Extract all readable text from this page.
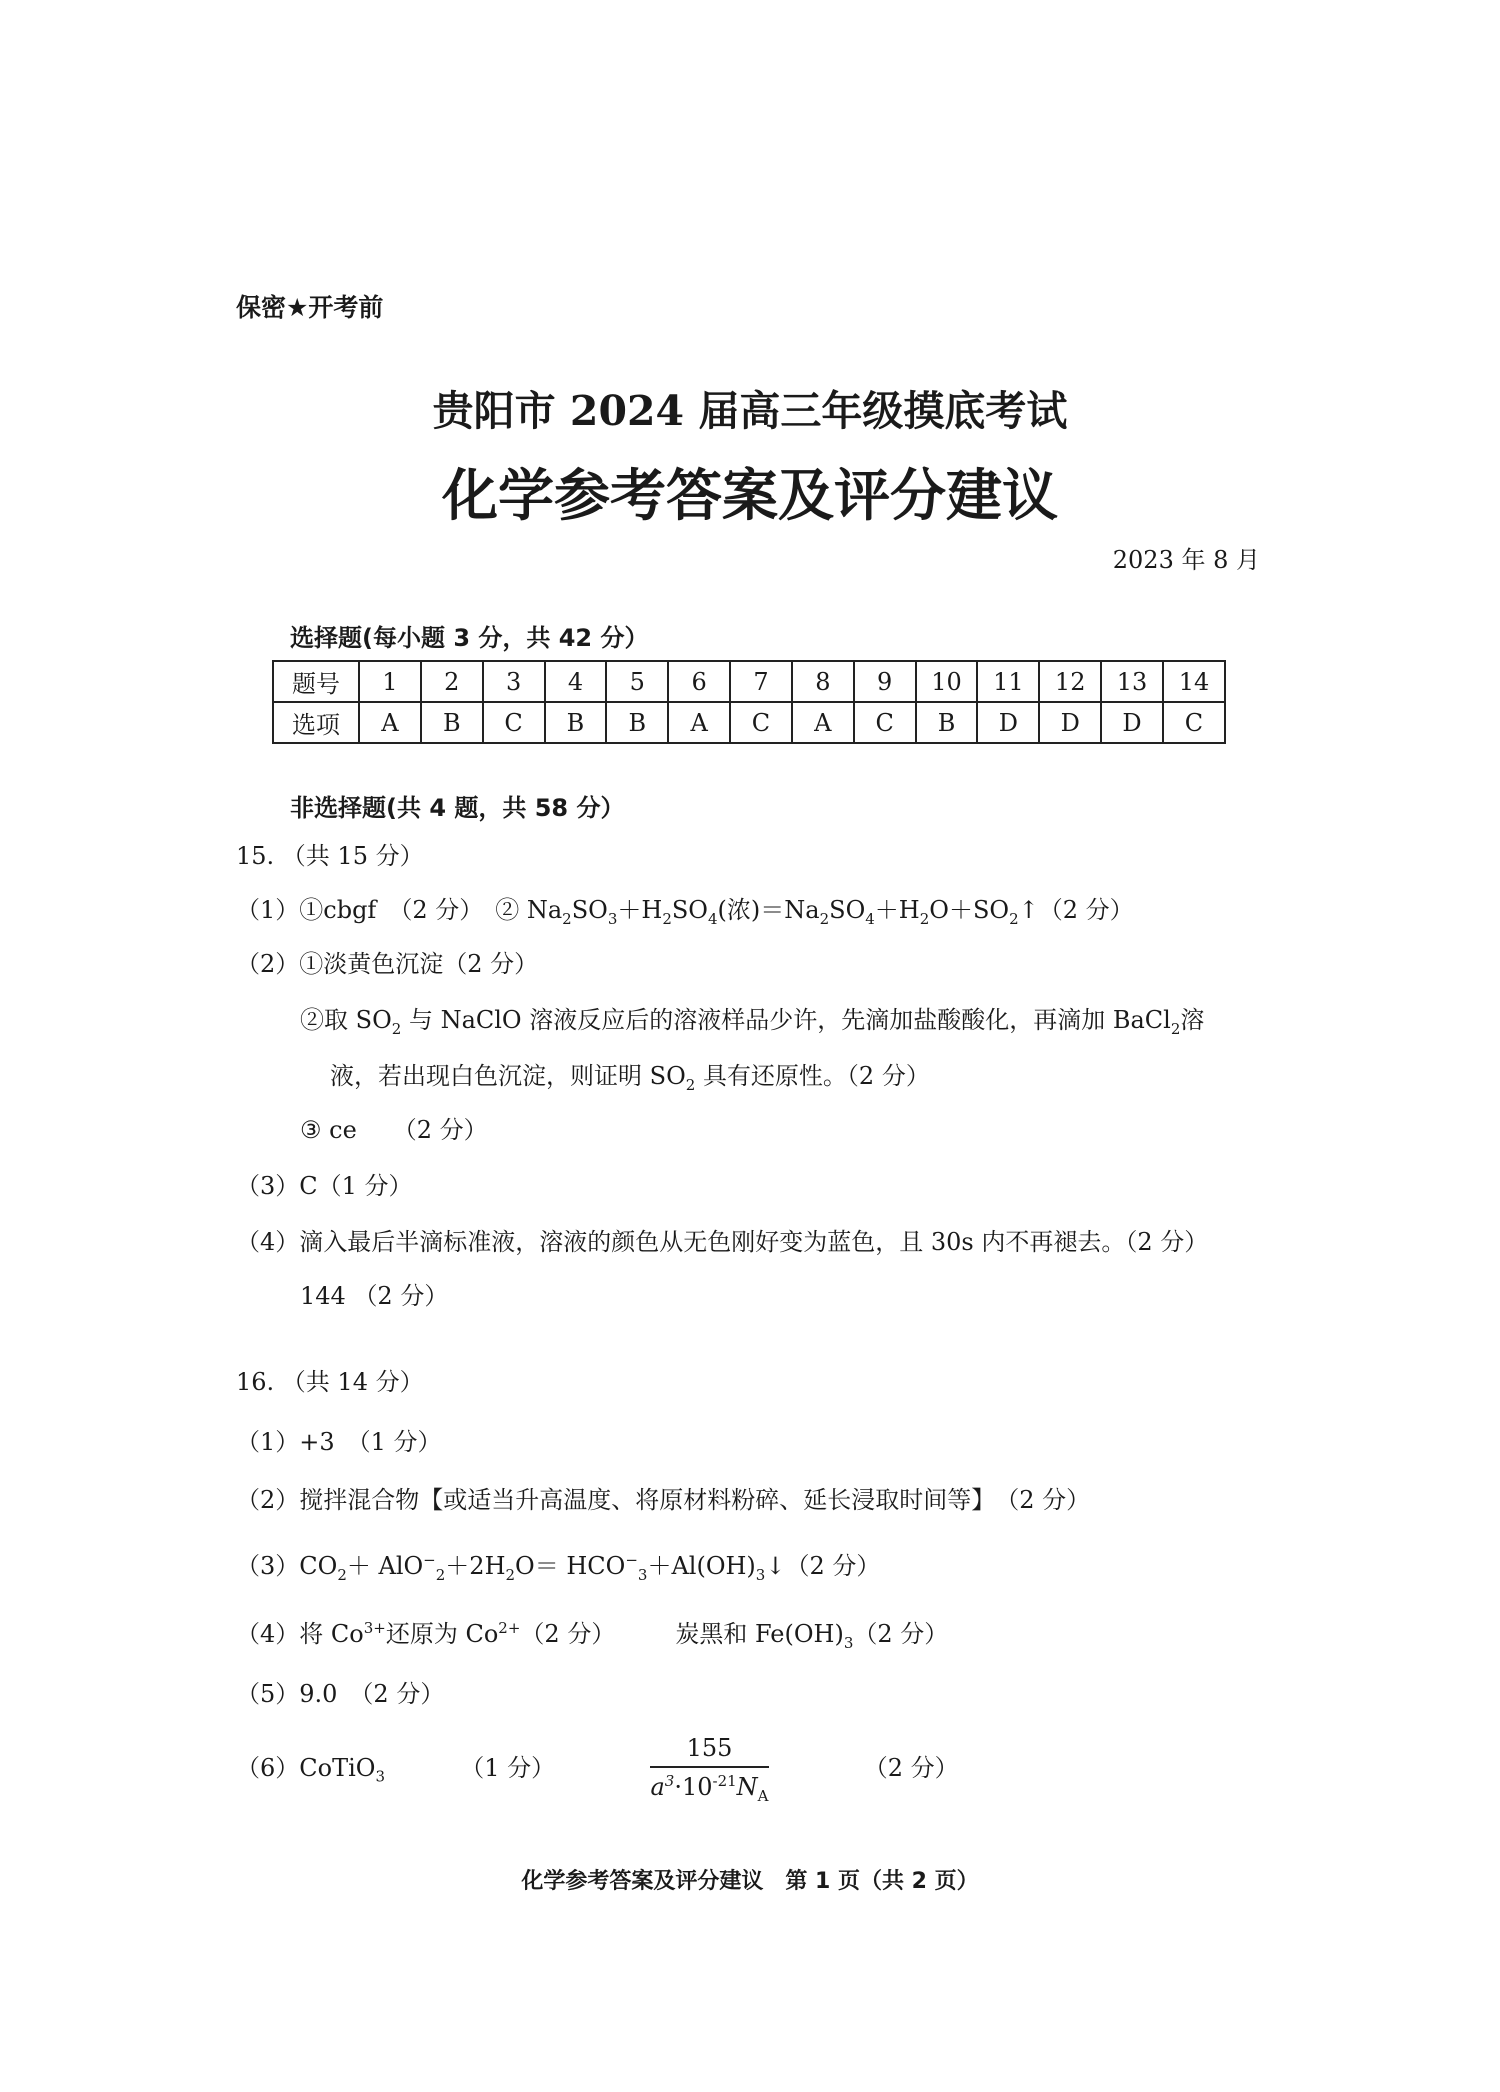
保密★开考前
贵阳市 2024 届高三年级摸底考试
化学参考答案及评分建议
2023 年 8 月
选择题(每小题 3 分，共 42 分）
题号	1	2	3	4	5	6	7	8	9	10	11	12	13	14
选项	A	B	C	B	B	A	C	A	C	B	D	D	D	C
非选择题(共 4 题，共 58 分）
15. （共 15 分）
（1）①cbgf　（2 分）　② $Na_2SO_3+H_2SO_4$(浓)$=Na_2SO_4+H_2O+SO_2↑(2$ 分）
（2）①淡黄色沉淀（2 分）
②取 $SO_2$ 与 NaClO 溶液反应后的溶液样品少许，先滴加盐酸酸化，再滴加 BaCl$_2$溶
液，若出现白色沉淀，则证明 $SO_2$ 具有还原性。（2 分）
③ ce　　（2 分）
（3）C（1 分）
（4）滴入最后半滴标准液，溶液的颜色从无色刚好变为蓝色，且 30s 内不再褪去。（2 分）
144 （2 分）
16. （共 14 分）
（1）+3　（1 分）
（2）搅拌混合物【或适当升高温度、将原材料粉碎、延长浸取时间等】　（2 分）
$(3)CO_2+ AlO^-_2+2H_2O=$ $HCO^-_3+Al(OH)_3↓(2$ 分）
（4）将 $Co^{3+}$还原为 $Co^{2+}(2$ 分）　　　炭黑和 $Fe(OH)_3(2$ 分）
（5）9.0　（2 分）
（6）CoTiO$_3$	（1 分）	$\frac{155}{a^3\cdot 10^{-21}N_A}$	（2 分）
化学参考答案及评分建议　第 1 页（共 2 页）
